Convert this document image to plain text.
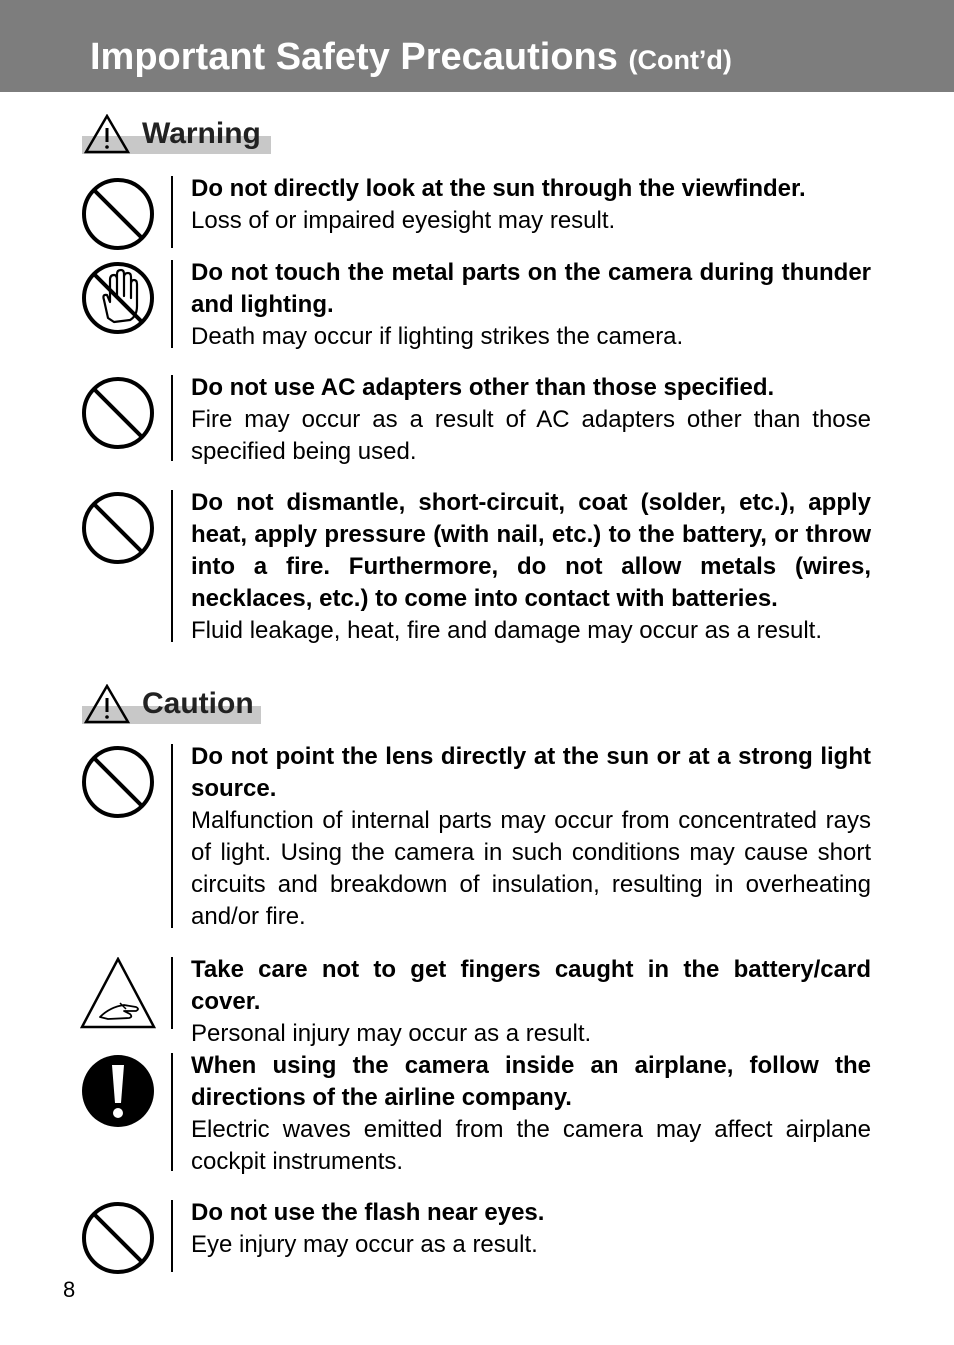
Important Safety Precautions (Cont’d)
Warning
Do not directly look at the sun through the viewfinder.
Loss of or impaired eyesight may result.
Do not touch the metal parts on the camera during thunder and lighting.
Death may occur if lighting strikes the camera.
Do not use AC adapters other than those specified.
Fire may occur as a result of AC adapters other than those specified being used.
Do not dismantle, short-circuit, coat (solder, etc.), apply heat, apply pressure (with nail, etc.) to the battery, or throw into a fire. Furthermore, do not allow metals (wires, necklaces, etc.) to come into contact with batteries.
Fluid leakage, heat, fire and damage may occur as a result.
Caution
Do not point the lens directly at the sun or at a strong light source.
Malfunction of internal parts may occur from concentrated rays of light. Using the camera in such conditions may cause short circuits and breakdown of insulation, resulting in overheating and/or fire.
Take care not to get fingers caught in the battery/card cover.
Personal injury may occur as a result.
When using the camera inside an airplane, follow the directions of the airline company.
Electric waves emitted from the camera may affect airplane cockpit instruments.
Do not use the flash near eyes.
Eye injury may occur as a result.
8
